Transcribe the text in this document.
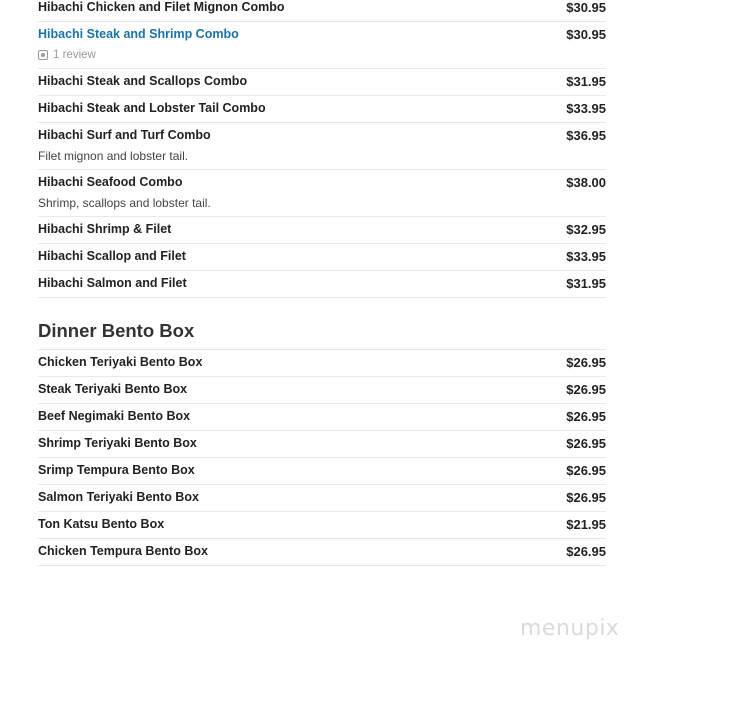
Hibachi Chicken and Filet Mignon Combo	$30.95
Hibachi Steak and Shrimp Combo	$30.95
1 review
Hibachi Steak and Scallops Combo	$31.95
Hibachi Steak and Lobster Tail Combo	$33.95
Hibachi Surf and Turf Combo	$36.95
Filet mignon and lobster tail.
Hibachi Seafood Combo	$38.00
Shrimp, scallops and lobster tail.
Hibachi Shrimp & Filet	$32.95
Hibachi Scallop and Filet	$33.95
Hibachi Salmon and Filet	$31.95
Dinner Bento Box
Chicken Teriyaki Bento Box	$26.95
Steak Teriyaki Bento Box	$26.95
Beef Negimaki Bento Box	$26.95
Shrimp Teriyaki Bento Box	$26.95
Srimp Tempura Bento Box	$26.95
Salmon Teriyaki Bento Box	$26.95
Ton Katsu Bento Box	$21.95
Chicken Tempura Bento Box	$26.95
menupix
